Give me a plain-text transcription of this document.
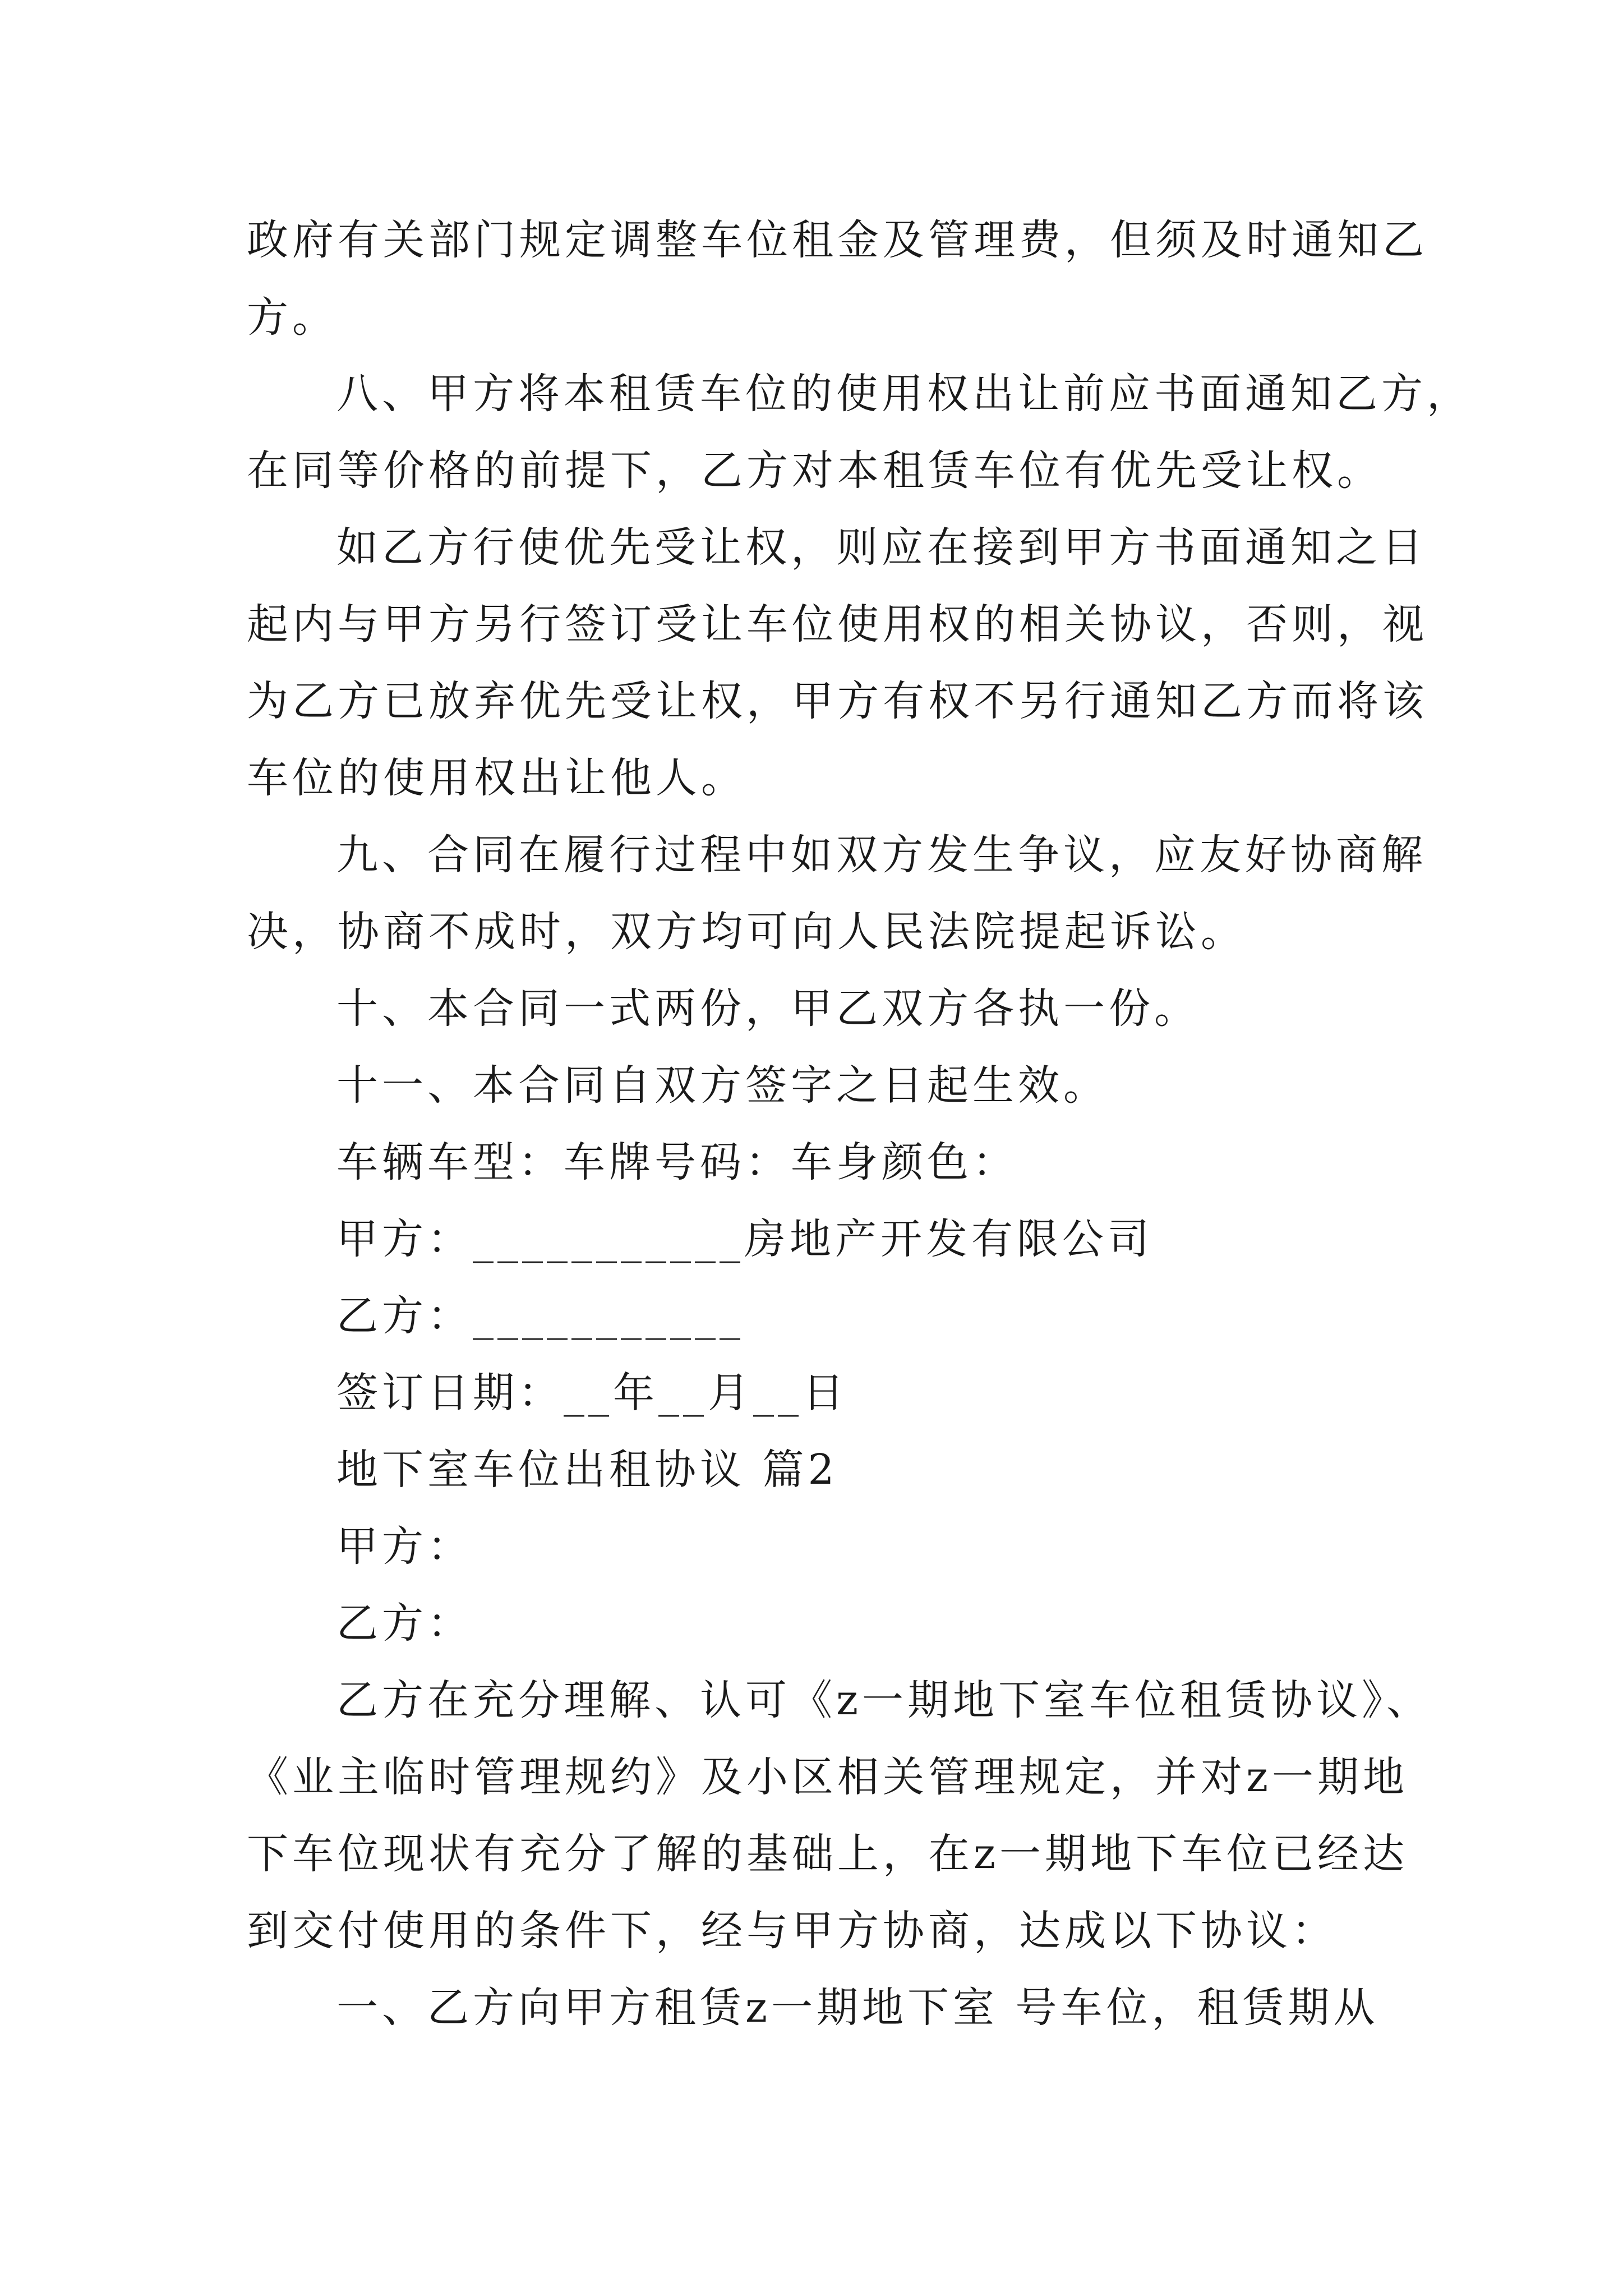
政府有关部门规定调整车位租金及管理费，但须及时通知乙
方。
八、甲方将本租赁车位的使用权出让前应书面通知乙方，
在同等价格的前提下，乙方对本租赁车位有优先受让权。
如乙方行使优先受让权，则应在接到甲方书面通知之日
起内与甲方另行签订受让车位使用权的相关协议，否则，视
为乙方已放弃优先受让权，甲方有权不另行通知乙方而将该
车位的使用权出让他人。
九、合同在履行过程中如双方发生争议，应友好协商解
决，协商不成时，双方均可向人民法院提起诉讼。
十、本合同一式两份，甲乙双方各执一份。
十一、本合同自双方签字之日起生效。
车辆车型：车牌号码：车身颜色：
甲方：___________房地产开发有限公司
乙方：___________
签订日期：__年__月__日
地下室车位出租协议 篇2
甲方：
乙方：
乙方在充分理解、认可《z一期地下室车位租赁协议》、
《业主临时管理规约》及小区相关管理规定，并对z一期地
下车位现状有充分了解的基础上，在z一期地下车位已经达
到交付使用的条件下，经与甲方协商，达成以下协议：
一、乙方向甲方租赁z一期地下室 号车位，租赁期从
